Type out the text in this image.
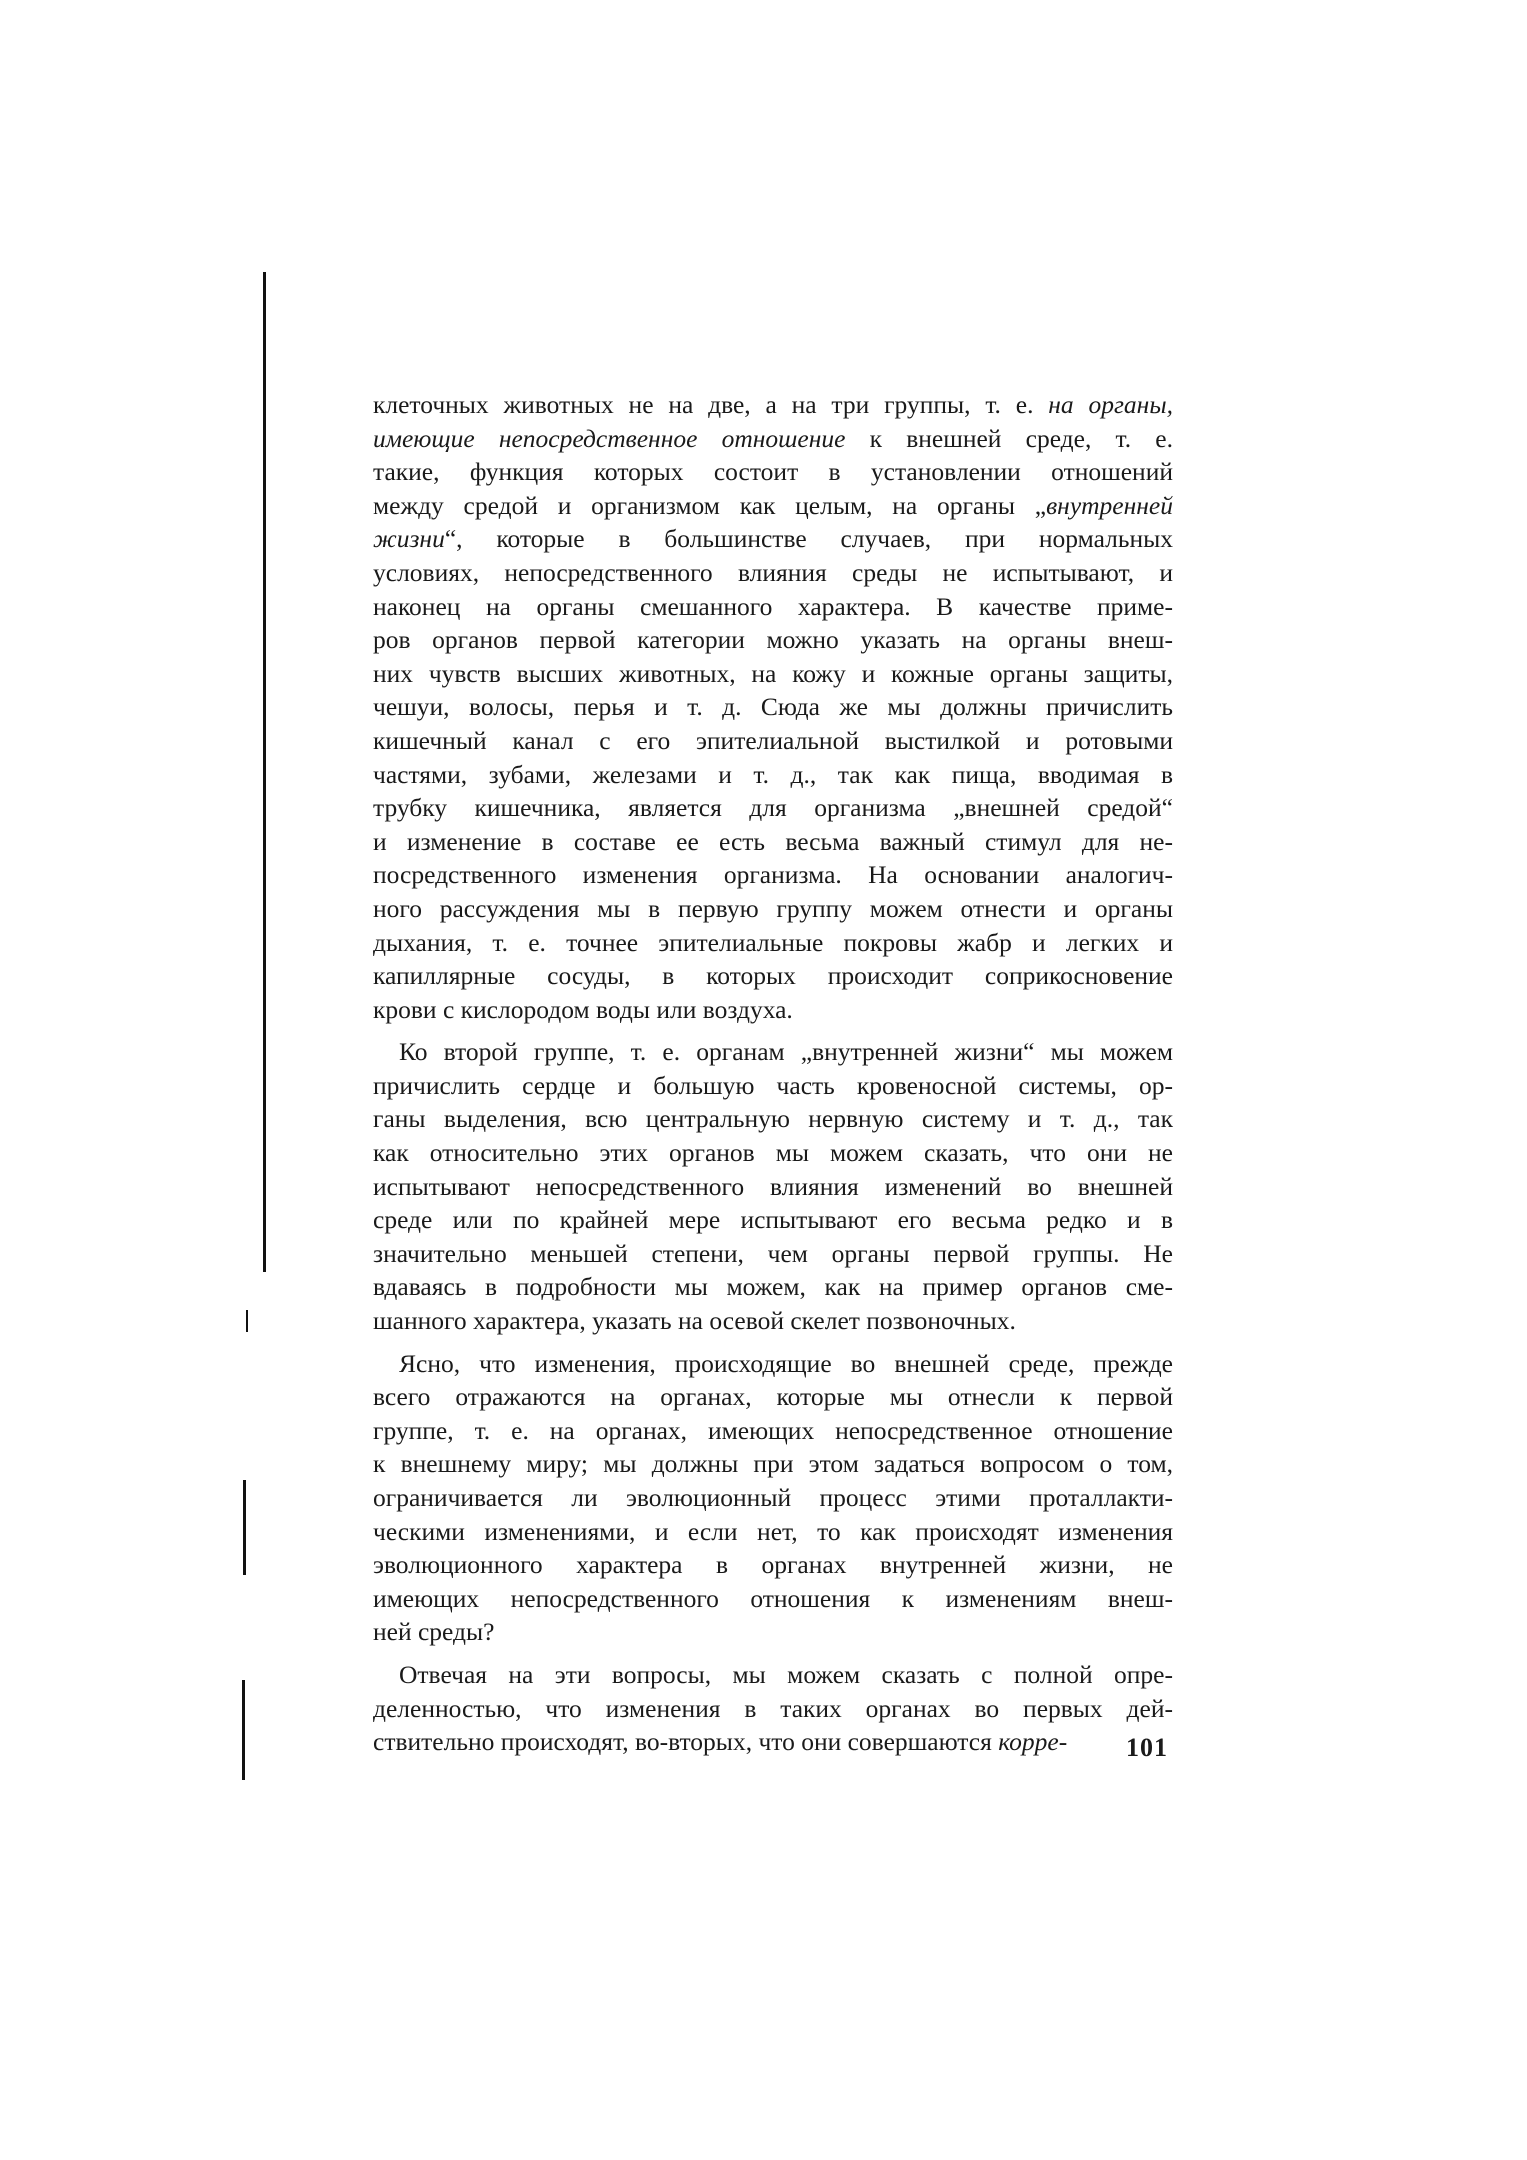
клеточных животных не на две, а на три группы, т. е. на органы,
имеющие непосредственное отношение к внешней среде, т. е.
такие, функция которых состоит в установлении отношений
между средой и организмом как целым, на органы „внутренней
жизни“, которые в большинстве случаев, при нормальных
условиях, непосредственного влияния среды не испытывают, и
наконец на органы смешанного характера. В качестве приме-
ров органов первой категории можно указать на органы внеш-
них чувств высших животных, на кожу и кожные органы защиты,
чешуи, волосы, перья и т. д. Сюда же мы должны причислить
кишечный канал с его эпителиальной выстилкой и ротовыми
частями, зубами, железами и т. д., так как пища, вводимая в
трубку кишечника, является для организма „внешней средой“
и изменение в составе ее есть весьма важный стимул для не-
посредственного изменения организма. На основании аналогич-
ного рассуждения мы в первую группу можем отнести и органы
дыхания, т. е. точнее эпителиальные покровы жабр и легких и
капиллярные сосуды, в которых происходит соприкосновение
крови с кислородом воды или воздуха.
Ко второй группе, т. е. органам „внутренней жизни“ мы можем
причислить сердце и большую часть кровеносной системы, ор-
ганы выделения, всю центральную нервную систему и т. д., так
как относительно этих органов мы можем сказать, что они не
испытывают непосредственного влияния изменений во внешней
среде или по крайней мере испытывают его весьма редко и в
значительно меньшей степени, чем органы первой группы. Не
вдаваясь в подробности мы можем, как на пример органов сме-
шанного характера, указать на осевой скелет позвоночных.
Ясно, что изменения, происходящие во внешней среде, прежде
всего отражаются на органах, которые мы отнесли к первой
группе, т. е. на органах, имеющих непосредственное отношение
к внешнему миру; мы должны при этом задаться вопросом о том,
ограничивается ли эволюционный процесс этими проталлакти-
ческими изменениями, и если нет, то как происходят изменения
эволюционного характера в органах внутренней жизни, не
имеющих непосредственного отношения к изменениям внеш-
ней среды?
Отвечая на эти вопросы, мы можем сказать с полной опре-
деленностью, что изменения в таких органах во первых дей-
ствительно происходят, во-вторых, что они совершаются корре-	101
